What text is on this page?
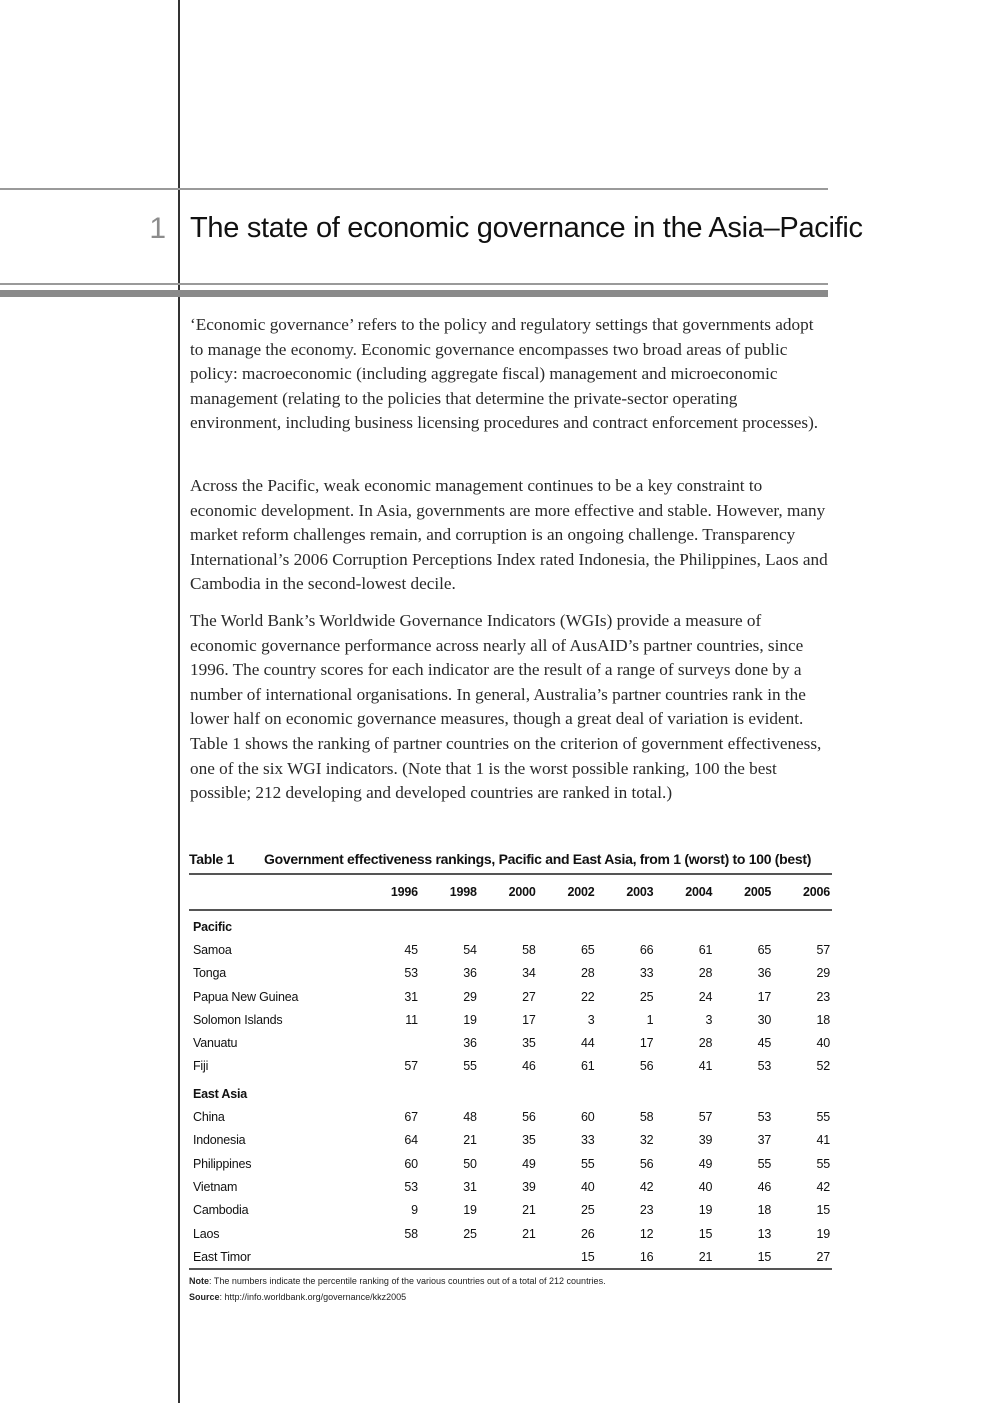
1 The state of economic governance in the Asia–Pacific

‘Economic governance’ refers to the policy and regulatory settings that governments adopt to manage the economy. Economic governance encompasses two broad areas of public policy: macroeconomic (including aggregate fiscal) management and microeconomic management (relating to the policies that determine the private-sector operating environment, including business licensing procedures and contract enforcement processes).

Across the Pacific, weak economic management continues to be a key constraint to economic development. In Asia, governments are more effective and stable. However, many market reform challenges remain, and corruption is an ongoing challenge. Transparency International’s 2006 Corruption Perceptions Index rated Indonesia, the Philippines, Laos and Cambodia in the second-lowest decile.

The World Bank’s Worldwide Governance Indicators (WGIs) provide a measure of economic governance performance across nearly all of AusAID’s partner countries, since 1996. The country scores for each indicator are the result of a range of surveys done by a number of international organisations. In general, Australia’s partner countries rank in the lower half on economic governance measures, though a great deal of variation is evident. Table 1 shows the ranking of partner countries on the criterion of government effectiveness, one of the six WGI indicators. (Note that 1 is the worst possible ranking, 100 the best possible; 212 developing and developed countries are ranked in total.)

Table 1	Government effectiveness rankings, Pacific and East Asia, from 1 (worst) to 100 (best)
	1996	1998	2000	2002	2003	2004	2005	2006
Pacific								
Samoa	45	54	58	65	66	61	65	57
Tonga	53	36	34	28	33	28	36	29
Papua New Guinea	31	29	27	22	25	24	17	23
Solomon Islands	11	19	17	3	1	3	30	18
Vanuatu		36	35	44	17	28	45	40
Fiji	57	55	46	61	56	41	53	52
East Asia								
China	67	48	56	60	58	57	53	55
Indonesia	64	21	35	33	32	39	37	41
Philippines	60	50	49	55	56	49	55	55
Vietnam	53	31	39	40	42	40	46	42
Cambodia	9	19	21	25	23	19	18	15
Laos	58	25	21	26	12	15	13	19
East Timor				15	16	21	15	27
Note: The numbers indicate the percentile ranking of the various countries out of a total of 212 countries.
Source: http://info.worldbank.org/governance/kkz2005
